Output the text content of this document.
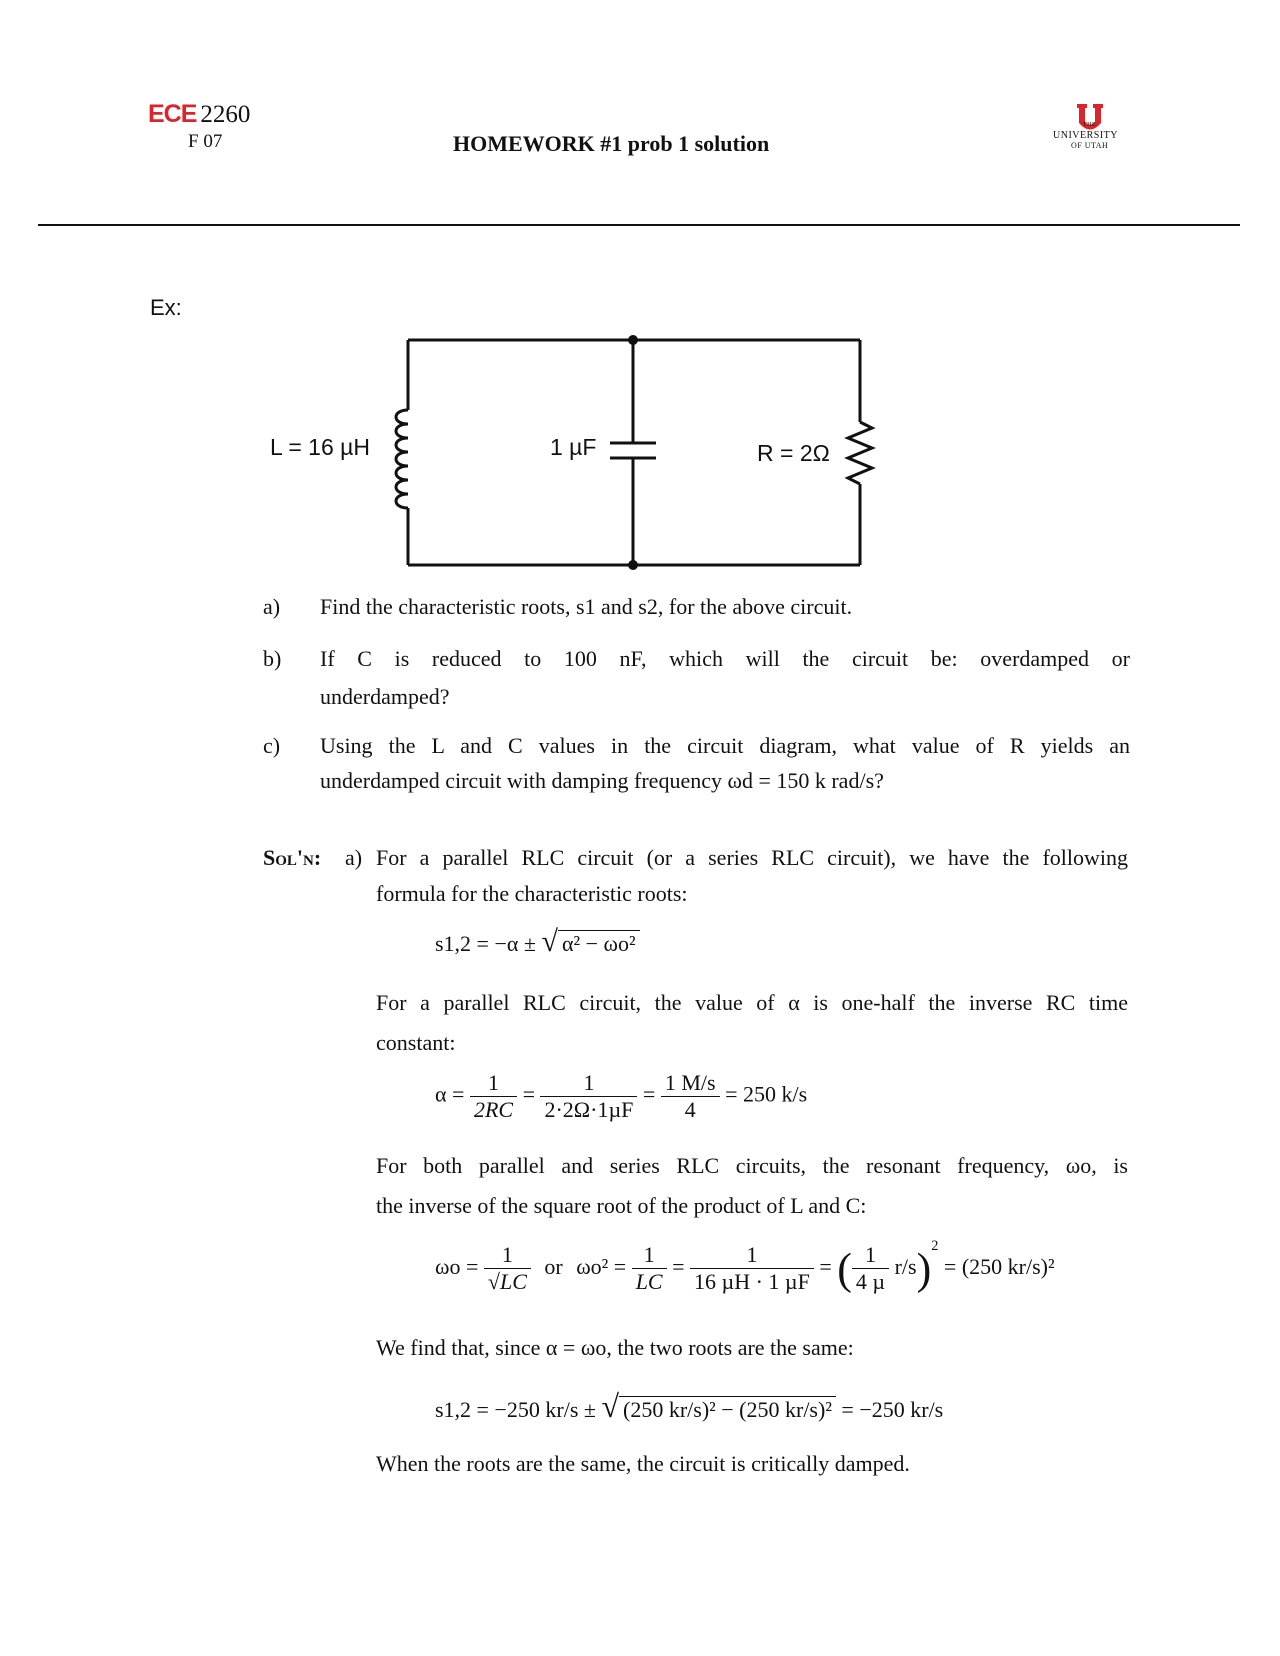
ECE 2260
F 07	HOMEWORK #1 prob 1 solution
THE
UNIVERSITY
OF UTAH
Ex:
L = 16 µH	1 µF	R = 2Ω
a) Find the characteristic roots, s1 and s2, for the above circuit.
b) If C is reduced to 100 nF, which will the circuit be: overdamped or
underdamped?
c) Using the L and C values in the circuit diagram, what value of R yields an
underdamped circuit with damping frequency ωd = 150 k rad/s?
Sol'n: a) For a parallel RLC circuit (or a series RLC circuit), we have the following
formula for the characteristic roots:
s1,2 = −α ± √ α² − ωo²
For a parallel RLC circuit, the value of α is one-half the inverse RC time
constant:
$\alpha = \frac{1}{2RC} = \frac{1}{\text{2·2Ω·1µF}} = \frac{1 M/s}{4} = 250$ k/s
For both parallel and series RLC circuits, the resonant frequency, ωo, is
the inverse of the square root of the product of L and C:
$\omega o = \frac{1}{√LC}$ or $\omega o^2 = \frac{1}{LC} = \frac{1}{\text{16 µH · 1 µF}}$ = ( $\frac{1}{\text{4 µ}} r/s)^2 = (250$ kr/s)²
We find that, since α = ωo, the two roots are the same:
s1,2 = −250 kr/s ± √ (250 kr/s)² − (250 kr/s)² = −250 kr/s
When the roots are the same, the circuit is critically damped.
